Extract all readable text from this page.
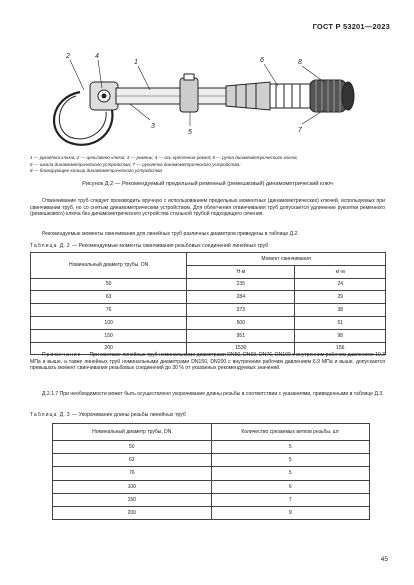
ГОСТ Р 53201—2023
2	4
1
3
5
6	8
7
1 — рукоятка ключа; 2 — цепь/звено ключа; 3 — ремень; 4 — ось крепления ремня; 5 — ручка динамометрического ключа;
6 — шкала динамометрического устройства; 7 — рукоятка динамометрического устройства;
8 — блокирующее кольцо динамометрического устройства
Рисунок Д.2 — Рекомендуемый предельный ременный (ремешковый) динамометрический ключ
Отвинчивание труб следует производить вручную с использованием предельных моментных (динамометрических) ключей, используемых при свинчивании труб, но со снятым динамометрическим устройством. Для облегчения отвинчивания труб допускается удлинение рукоятки ременного (ремешкового) ключа без динамометрического устройства стальной трубой подходящего сечения.
Рекомендуемые моменты свинчивания для линейных труб различных диаметров приведены в таблице Д.2.
Таблица Д.2 — Рекомендуемые моменты свинчивания резьбовых соединений линейных труб
Номинальный диаметр трубы, DN	Момент свинчивания	
	Н·м	кг·м
50	235	24
63	284	29
76	373	38
100	500	51
150	951	98
200	1530	156
Примечание — При монтаже линейных труб номинальными диаметрами DN50, DN63, DN76, DN100 с внутренним рабочим давлением 10,3 МПа и выше, а также линейных труб номинальными диаметрами DN150, DN200 с внутренним рабочим давлением 6,9 МПа и выше, допускается превышать момент свинчивания резьбовых соединений до 30 % от указанных рекомендуемых значений.
Д.2.1.7 При необходимости может быть осуществлено укорачивание длины резьбы в соответствии с указаниями, приведенными в таблице Д.3.
Таблица Д.3 — Укорачивание длины резьбы линейных труб
Номинальный диаметр трубы, DN	Количество срезаемых витков резьбы, шт
50	5
63	5
76	5
100	6
150	7
200	9
45
